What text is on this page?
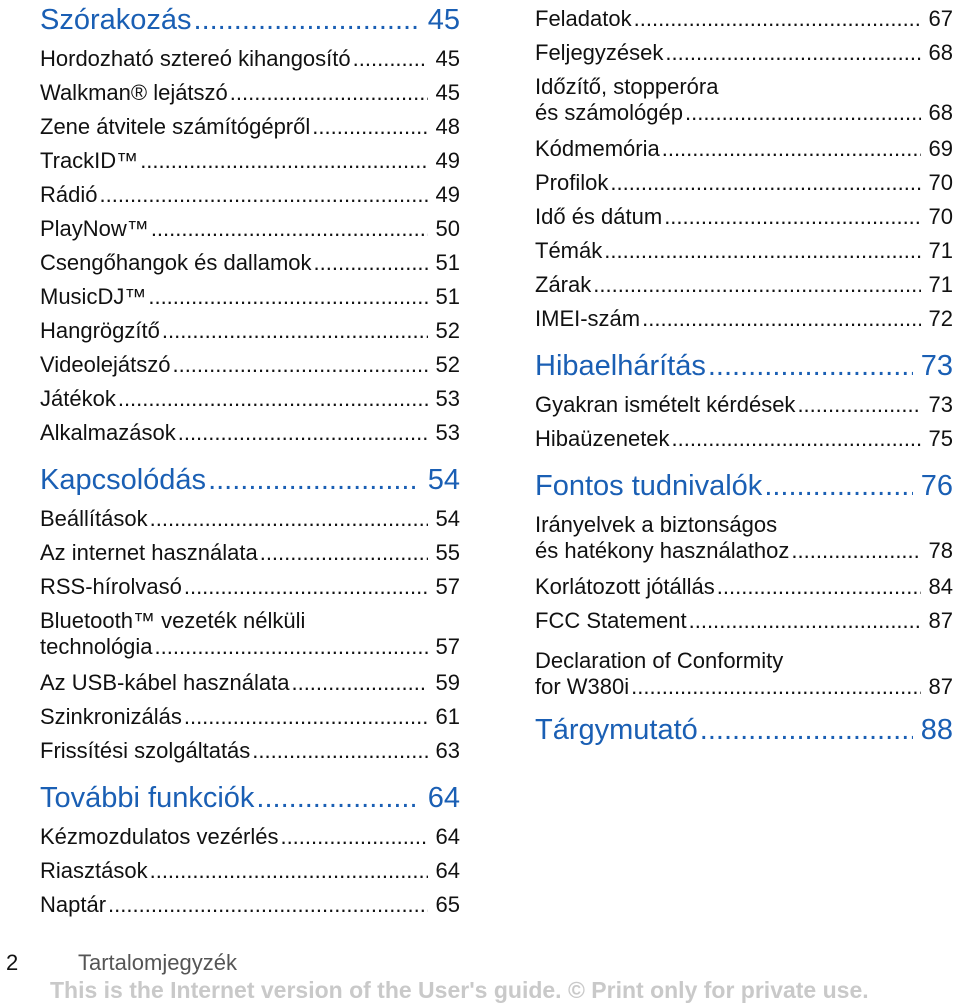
Szórakozás .....	45
Hordozható sztereó kihangosító .....	45
Walkman® lejátszó .....	45
Zene átvitele számítógépről .....	48
TrackID™ .....	49
Rádió .....	49
PlayNow™ .....	50
Csengőhangok és dallamok .....	51
MusicDJ™ .....	51
Hangrögzítő .....	52
Videolejátszó .....	52
Játékok .....	53
Alkalmazások .....	53
Kapcsolódás .....	54
Beállítások .....	54
Az internet használata .....	55
RSS-hírolvasó .....	57
Bluetooth™ vezeték nélküli
technológia .....	57
Az USB-kábel használata .....	59
Szinkronizálás .....	61
Frissítési szolgáltatás .....	63
További funkciók .....	64
Kézmozdulatos vezérlés .....	64
Riasztások .....	64
Naptár .....	65
Feladatok .....	67
Feljegyzések .....	68
Időzítő, stopperóra
és számológép .....	68
Kódmemória .....	69
Profilok .....	70
Idő és dátum .....	70
Témák .....	71
Zárak .....	71
IMEI-szám .....	72
Hibaelhárítás .....	73
Gyakran ismételt kérdések .....	73
Hibaüzenetek .....	75
Fontos tudnivalók .....	76
Irányelvek a biztonságos
és hatékony használathoz .....	78
Korlátozott jótállás .....	84
FCC Statement .....	87
Declaration of Conformity
for W380i .....	87
Tárgymutató .....	88
2	Tartalomjegyzék
This is the Internet version of the User's guide. © Print only for private use.
